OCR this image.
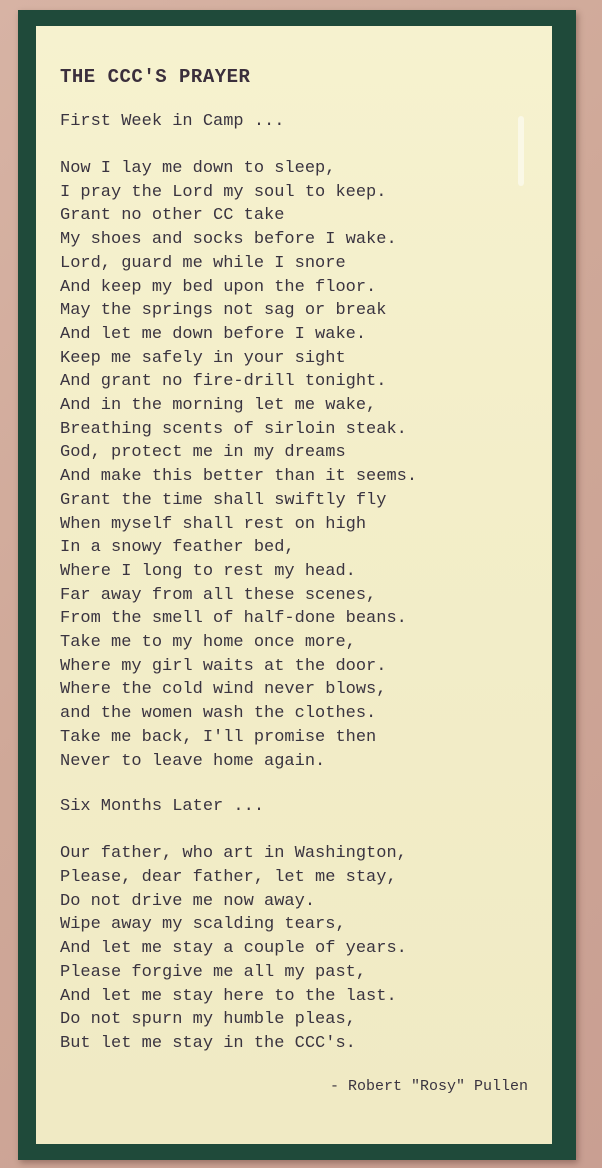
THE CCC'S PRAYER
First Week in Camp ...
Now I lay me down to sleep,
I pray the Lord my soul to keep.
Grant no other CC take
My shoes and socks before I wake.
Lord, guard me while I snore
And keep my bed upon the floor.
May the springs not sag or break
And let me down before I wake.
Keep me safely in your sight
And grant no fire-drill tonight.
And in the morning let me wake,
Breathing scents of sirloin steak.
God, protect me in my dreams
And make this better than it seems.
Grant the time shall swiftly fly
When myself shall rest on high
In a snowy feather bed,
Where I long to rest my head.
Far away from all these scenes,
From the smell of half-done beans.
Take me to my home once more,
Where my girl waits at the door.
Where the cold wind never blows,
and the women wash the clothes.
Take me back, I'll promise then
Never to leave home again.
Six Months Later ...
Our father, who art in Washington,
Please, dear father, let me stay,
Do not drive me now away.
Wipe away my scalding tears,
And let me stay a couple of years.
Please forgive me all my past,
And let me stay here to the last.
Do not spurn my humble pleas,
But let me stay in the CCC's.
- Robert "Rosy" Pullen
